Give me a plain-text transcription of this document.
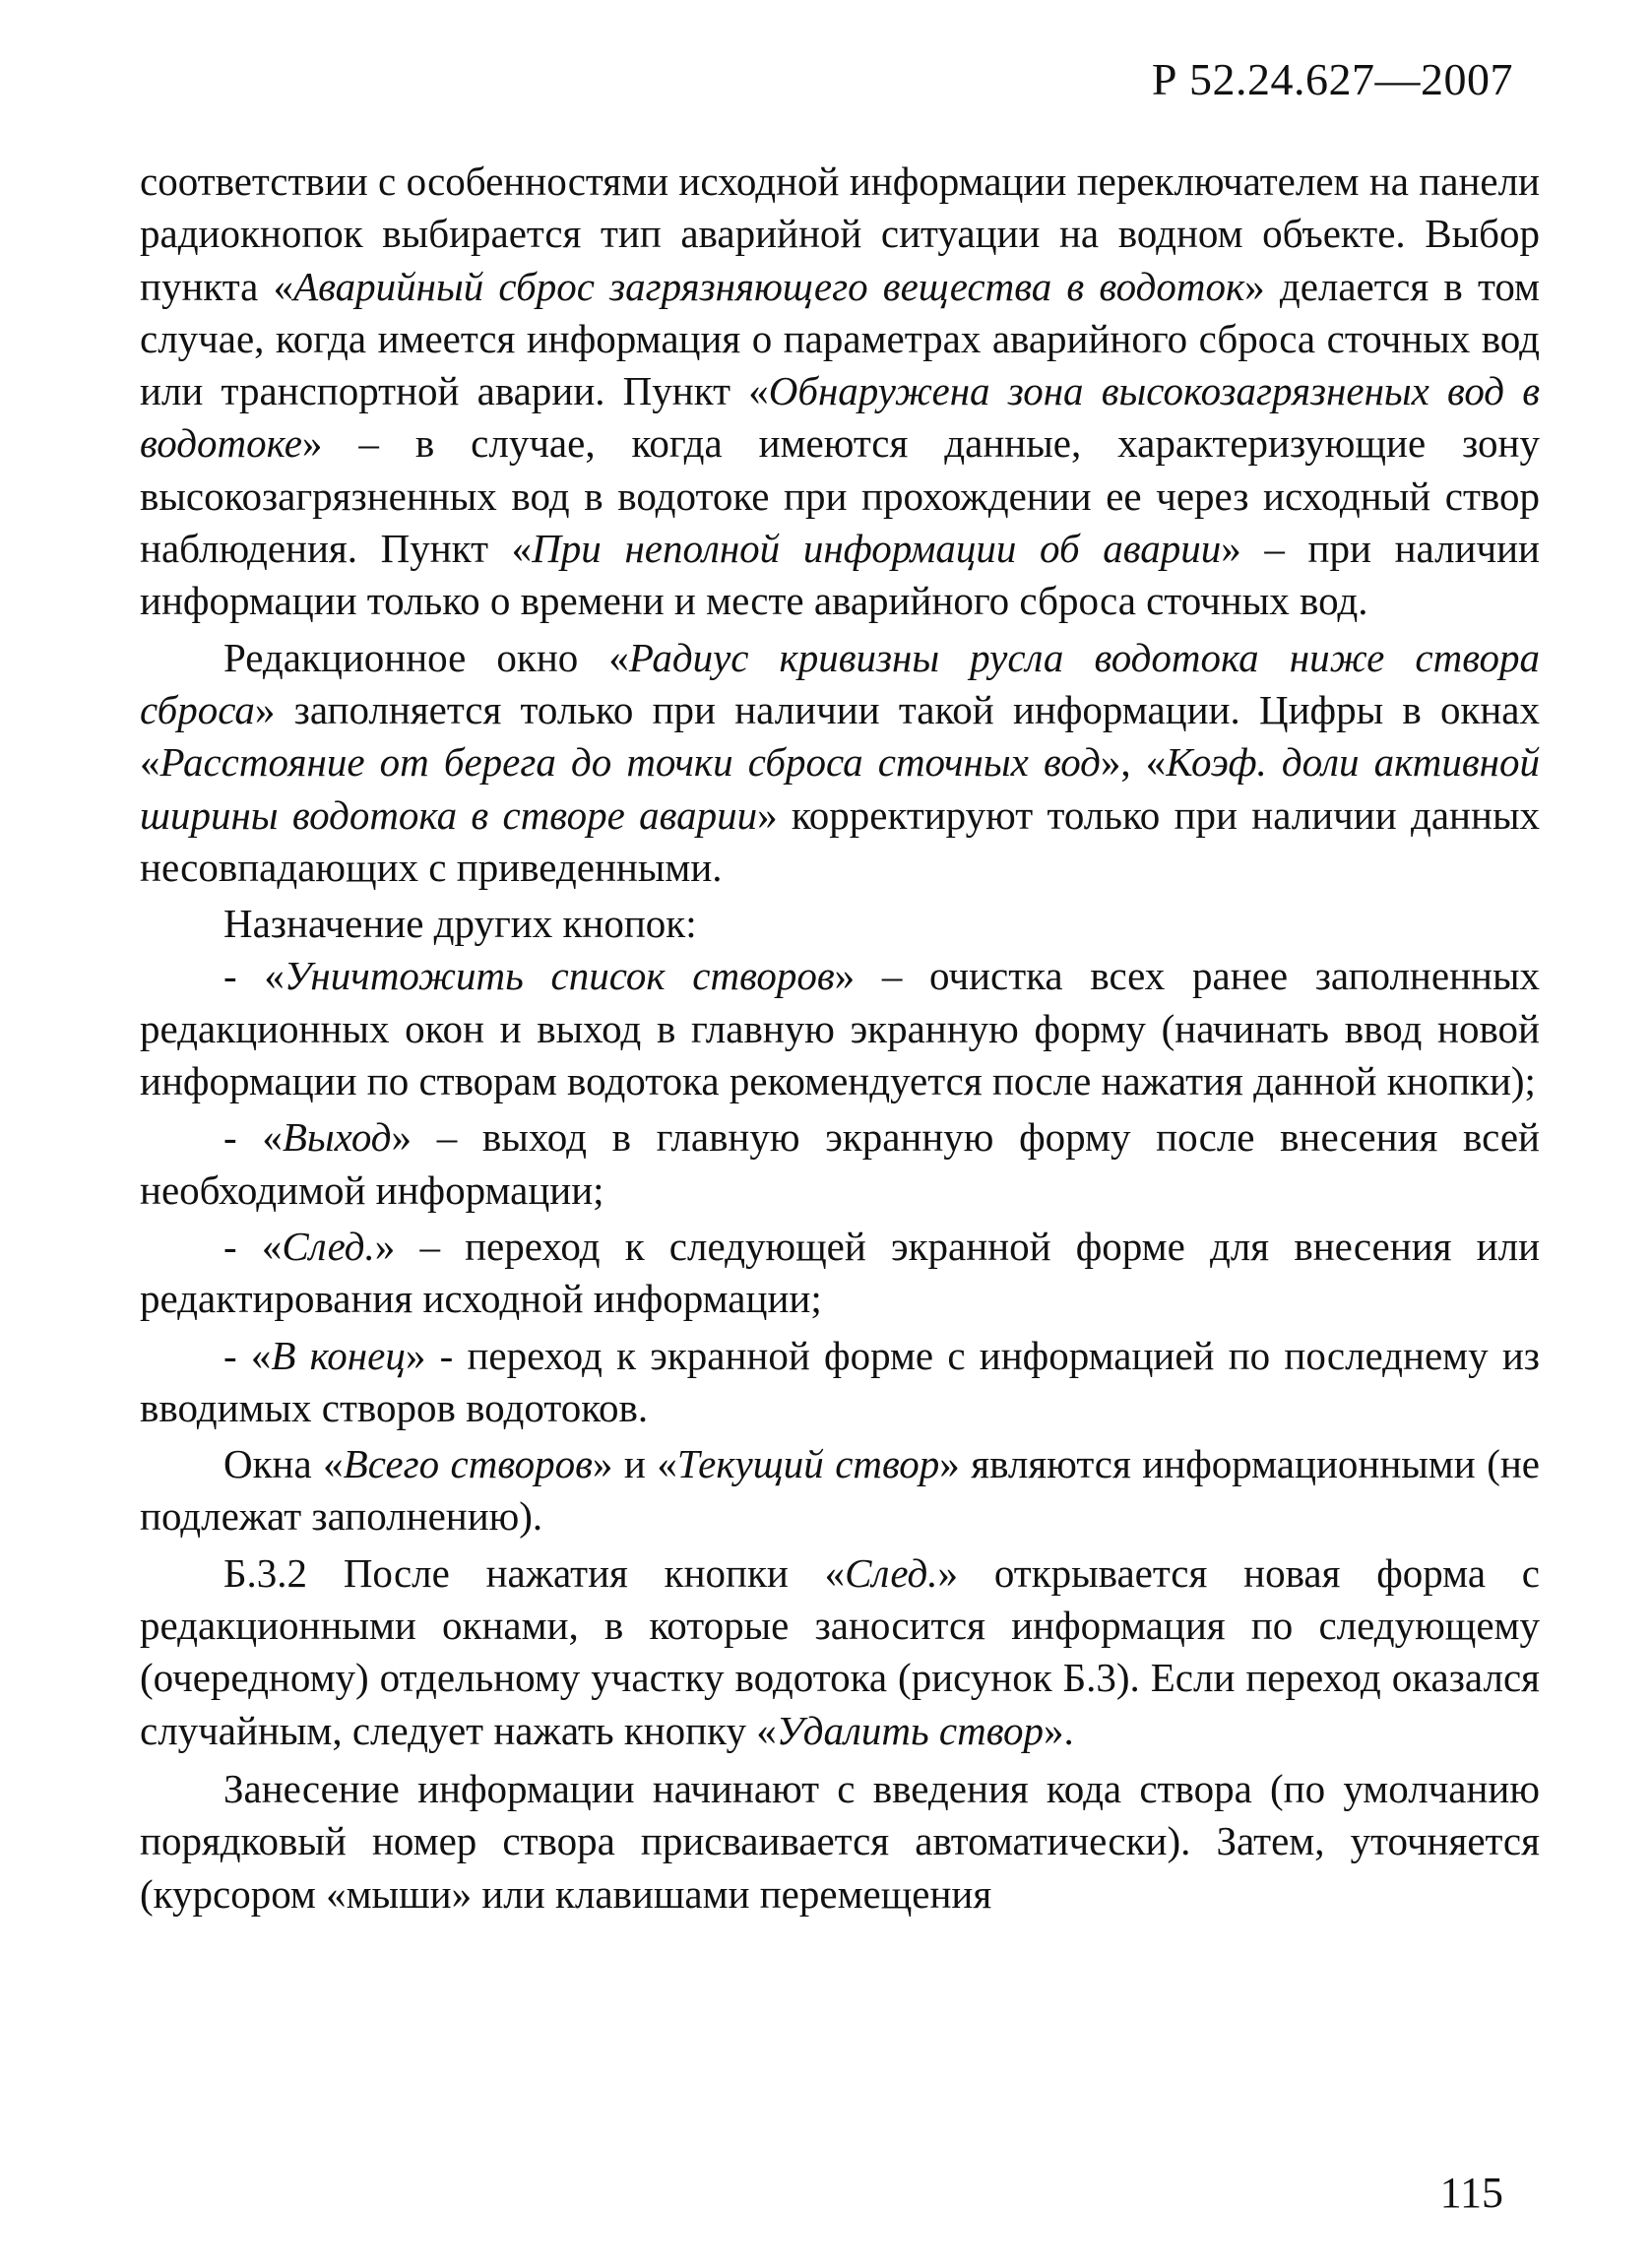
Р 52.24.627—2007

соответствии с особенностями исходной информации переключателем на панели радиокнопок выбирается тип аварийной ситуации на водном объекте. Выбор пункта «Аварийный сброс загрязняющего вещества в водоток» делается в том случае, когда имеется информация о параметрах аварийного сброса сточных вод или транспортной аварии. Пункт «Обнаружена зона высокозагрязненых вод в водотоке» – в случае, когда имеются данные, характеризующие зону высокозагрязненных вод в водотоке при прохождении ее через исходный створ наблюдения. Пункт «При неполной информации об аварии» – при наличии информации только о времени и месте аварийного сброса сточных вод.

Редакционное окно «Радиус кривизны русла водотока ниже створа сброса» заполняется только при наличии такой информации. Цифры в окнах «Расстояние от берега до точки сброса сточных вод», «Коэф. доли активной ширины водотока в створе аварии» корректируют только при наличии данных несовпадающих с приведенными.

Назначение других кнопок:

- «Уничтожить список створов» – очистка всех ранее заполненных редакционных окон и выход в главную экранную форму (начинать ввод новой информации по створам водотока рекомендуется после нажатия данной кнопки);

- «Выход» – выход в главную экранную форму после внесения всей необходимой информации;

- «След.» – переход к следующей экранной форме для внесения или редактирования исходной информации;

- «В конец» - переход к экранной форме с информацией по последнему из вводимых створов водотоков.

Окна «Всего створов» и «Текущий створ» являются информационными (не подлежат заполнению).

Б.3.2 После нажатия кнопки «След.» открывается новая форма с редакционными окнами, в которые заносится информация по следующему (очередному) отдельному участку водотока (рисунок Б.3). Если переход оказался случайным, следует нажать кнопку «Удалить створ».

Занесение информации начинают с введения кода створа (по умолчанию порядковый номер створа присваивается автоматически). Затем, уточняется (курсором «мыши» или клавишами перемещения

115
